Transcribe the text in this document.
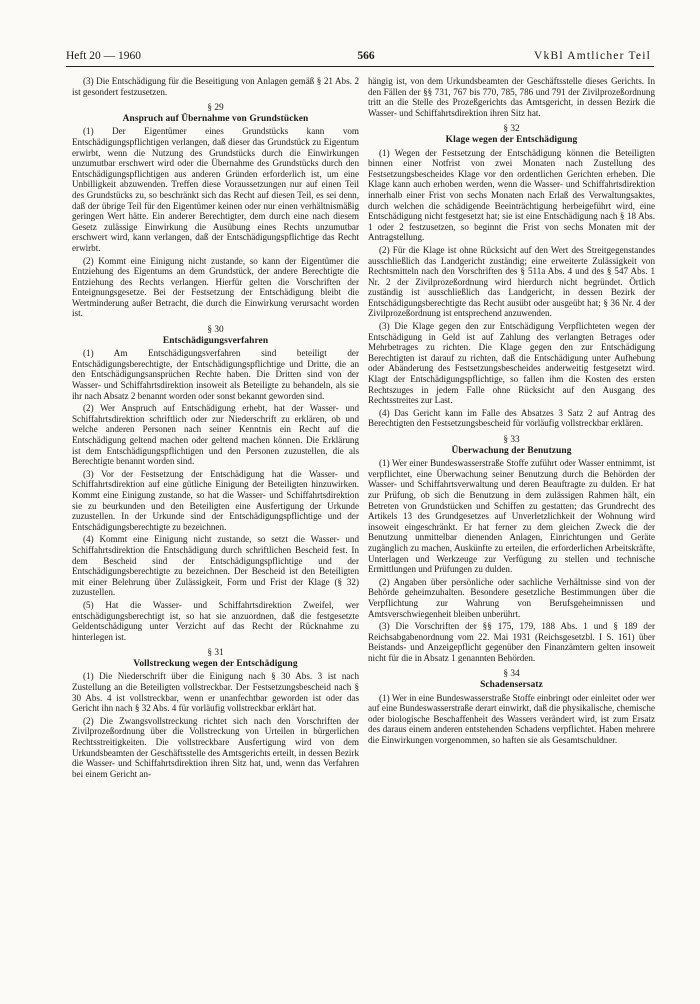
Heft 20 — 1960	566	VkBl Amtlicher Teil

(3) Die Entschädigung für die Beseitigung von Anlagen gemäß § 21 Abs. 2 ist gesondert festzusetzen.

§ 29
Anspruch auf Übernahme von Grundstücken

(1) Der Eigentümer eines Grundstücks kann vom Entschädigungspflichtigen verlangen, daß dieser das Grundstück zu Eigentum erwirbt, wenn die Nutzung des Grundstücks durch die Einwirkungen unzumutbar erschwert wird oder die Übernahme des Grundstücks durch den Entschädigungspflichtigen aus anderen Gründen erforderlich ist, um eine Unbilligkeit abzuwenden. Treffen diese Voraussetzungen nur auf einen Teil des Grundstücks zu, so beschränkt sich das Recht auf diesen Teil, es sei denn, daß der übrige Teil für den Eigentümer keinen oder nur einen verhältnismäßig geringen Wert hätte. Ein anderer Berechtigter, dem durch eine nach diesem Gesetz zulässige Einwirkung die Ausübung eines Rechts unzumutbar erschwert wird, kann verlangen, daß der Entschädigungspflichtige das Recht erwirbt.

(2) Kommt eine Einigung nicht zustande, so kann der Eigentümer die Entziehung des Eigentums an dem Grundstück, der andere Berechtigte die Entziehung des Rechts verlangen. Hierfür gelten die Vorschriften der Enteignungsgesetze. Bei der Festsetzung der Entschädigung bleibt die Wertminderung außer Betracht, die durch die Einwirkung verursacht worden ist.

§ 30
Entschädigungsverfahren

(1) Am Entschädigungsverfahren sind beteiligt der Entschädigungsberechtigte, der Entschädigungspflichtige und Dritte, die an den Entschädigungsansprüchen Rechte haben. Die Dritten sind von der Wasser- und Schiffahrtsdirektion insoweit als Beteiligte zu behandeln, als sie ihr nach Absatz 2 benannt worden oder sonst bekannt geworden sind.

(2) Wer Anspruch auf Entschädigung erhebt, hat der Wasser- und Schiffahrtsdirektion schriftlich oder zur Niederschrift zu erklären, ob und welche anderen Personen nach seiner Kenntnis ein Recht auf die Entschädigung geltend machen oder geltend machen können. Die Erklärung ist dem Entschädigungspflichtigen und den Personen zuzustellen, die als Berechtigte benannt worden sind.

(3) Vor der Festsetzung der Entschädigung hat die Wasser- und Schiffahrtsdirektion auf eine gütliche Einigung der Beteiligten hinzuwirken. Kommt eine Einigung zustande, so hat die Wasser- und Schiffahrtsdirektion sie zu beurkunden und den Beteiligten eine Ausfertigung der Urkunde zuzustellen. In der Urkunde sind der Entschädigungspflichtige und der Entschädigungsberechtigte zu bezeichnen.

(4) Kommt eine Einigung nicht zustande, so setzt die Wasser- und Schiffahrtsdirektion die Entschädigung durch schriftlichen Bescheid fest. In dem Bescheid sind der Entschädigungspflichtige und der Entschädigungsberechtigte zu bezeichnen. Der Bescheid ist den Beteiligten mit einer Belehrung über Zulässigkeit, Form und Frist der Klage (§ 32) zuzustellen.

(5) Hat die Wasser- und Schiffahrtsdirektion Zweifel, wer entschädigungsberechtigt ist, so hat sie anzuordnen, daß die festgesetzte Geldentschädigung unter Verzicht auf das Recht der Rücknahme zu hinterlegen ist.

§ 31
Vollstreckung wegen der Entschädigung

(1) Die Niederschrift über die Einigung nach § 30 Abs. 3 ist nach Zustellung an die Beteiligten vollstreckbar. Der Festsetzungsbescheid nach § 30 Abs. 4 ist vollstreckbar, wenn er unanfechtbar geworden ist oder das Gericht ihn nach § 32 Abs. 4 für vorläufig vollstreckbar erklärt hat.

(2) Die Zwangsvollstreckung richtet sich nach den Vorschriften der Zivilprozeßordnung über die Vollstreckung von Urteilen in bürgerlichen Rechtsstreitigkeiten. Die vollstreckbare Ausfertigung wird von dem Urkundsbeamten der Geschäftsstelle des Amtsgerichts erteilt, in dessen Bezirk die Wasser- und Schiffahrtsdirektion ihren Sitz hat, und, wenn das Verfahren bei einem Gericht an-

hängig ist, von dem Urkundsbeamten der Geschäftsstelle dieses Gerichts. In den Fällen der §§ 731, 767 bis 770, 785, 786 und 791 der Zivilprozeßordnung tritt an die Stelle des Prozeßgerichts das Amtsgericht, in dessen Bezirk die Wasser- und Schiffahrtsdirektion ihren Sitz hat.

§ 32
Klage wegen der Entschädigung

(1) Wegen der Festsetzung der Entschädigung können die Beteiligten binnen einer Notfrist von zwei Monaten nach Zustellung des Festsetzungsbescheides Klage vor den ordentlichen Gerichten erheben. Die Klage kann auch erhoben werden, wenn die Wasser- und Schiffahrtsdirektion innerhalb einer Frist von sechs Monaten nach Erlaß des Verwaltungsaktes, durch welchen die schädigende Beeinträchtigung herbeigeführt wird, eine Entschädigung nicht festgesetzt hat; sie ist eine Entschädigung nach § 18 Abs. 1 oder 2 festzusetzen, so beginnt die Frist von sechs Monaten mit der Antragstellung.

(2) Für die Klage ist ohne Rücksicht auf den Wert des Streitgegenstandes ausschließlich das Landgericht zuständig; eine erweiterte Zulässigkeit von Rechtsmitteln nach den Vorschriften des § 511a Abs. 4 und des § 547 Abs. 1 Nr. 2 der Zivilprozeßordnung wird hierdurch nicht begründet. Örtlich zuständig ist ausschließlich das Landgericht, in dessen Bezirk der Entschädigungsberechtigte das Recht ausübt oder ausgeübt hat; § 36 Nr. 4 der Zivilprozeßordnung ist entsprechend anzuwenden.

(3) Die Klage gegen den zur Entschädigung Verpflichteten wegen der Entschädigung in Geld ist auf Zahlung des verlangten Betrages oder Mehrbetrages zu richten. Die Klage gegen den zur Entschädigung Berechtigten ist darauf zu richten, daß die Entschädigung unter Aufhebung oder Abänderung des Festsetzungsbescheides anderweitig festgesetzt wird. Klagt der Entschädigungspflichtige, so fallen ihm die Kosten des ersten Rechtszuges in jedem Falle ohne Rücksicht auf den Ausgang des Rechtsstreites zur Last.

(4) Das Gericht kann im Falle des Absatzes 3 Satz 2 auf Antrag des Berechtigten den Festsetzungsbescheid für vorläufig vollstreckbar erklären.

§ 33
Überwachung der Benutzung

(1) Wer einer Bundeswasserstraße Stoffe zuführt oder Wasser entnimmt, ist verpflichtet, eine Überwachung seiner Benutzung durch die Behörden der Wasser- und Schiffahrtsverwaltung und deren Beauftragte zu dulden. Er hat zur Prüfung, ob sich die Benutzung in dem zulässigen Rahmen hält, ein Betreten von Grundstücken und Schiffen zu gestatten; das Grundrecht des Artikels 13 des Grundgesetzes auf Unverletzlichkeit der Wohnung wird insoweit eingeschränkt. Er hat ferner zu dem gleichen Zweck die der Benutzung unmittelbar dienenden Anlagen, Einrichtungen und Geräte zugänglich zu machen, Auskünfte zu erteilen, die erforderlichen Arbeitskräfte, Unterlagen und Werkzeuge zur Verfügung zu stellen und technische Ermittlungen und Prüfungen zu dulden.

(2) Angaben über persönliche oder sachliche Verhältnisse sind von der Behörde geheimzuhalten. Besondere gesetzliche Bestimmungen über die Verpflichtung zur Wahrung von Berufsgeheimnissen und Amtsverschwiegenheit bleiben unberührt.

(3) Die Vorschriften der §§ 175, 179, 188 Abs. 1 und § 189 der Reichsabgabenordnung vom 22. Mai 1931 (Reichsgesetzbl. I S. 161) über Beistands- und Anzeigepflicht gegenüber den Finanzämtern gelten insoweit nicht für die in Absatz 1 genannten Behörden.

§ 34
Schadensersatz

(1) Wer in eine Bundeswasserstraße Stoffe einbringt oder einleitet oder wer auf eine Bundeswasserstraße derart einwirkt, daß die physikalische, chemische oder biologische Beschaffenheit des Wassers verändert wird, ist zum Ersatz des daraus einem anderen entstehenden Schadens verpflichtet. Haben mehrere die Einwirkungen vorgenommen, so haften sie als Gesamtschuldner.
